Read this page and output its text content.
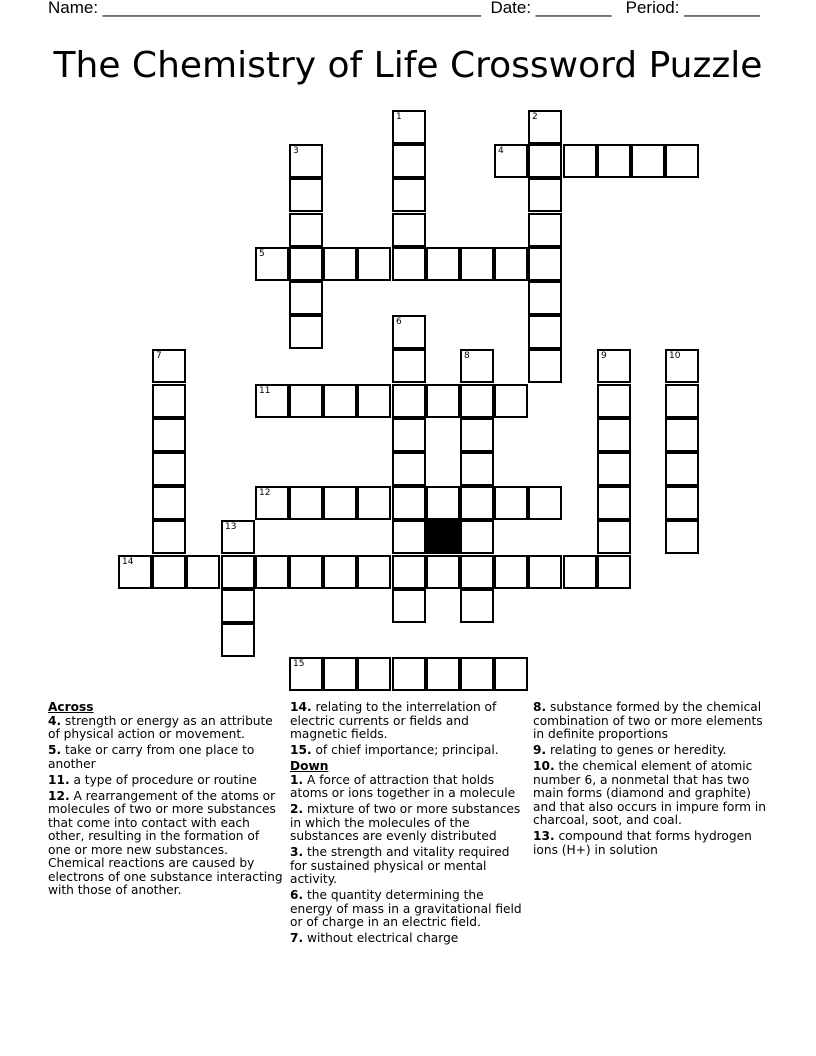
Name: ________________________________________ Date: ________ Period: ________
The Chemistry of Life Crossword Puzzle
1	2
3	4
5
6
7	8	9	10
11
12
13
14
15
Across
4. strength or energy as an attribute of physical action or movement.
5. take or carry from one place to another
11. a type of procedure or routine
12. A rearrangement of the atoms or molecules of two or more substances that come into contact with each other, resulting in the formation of one or more new substances. Chemical reactions are caused by electrons of one substance interacting with those of another.
14. relating to the interrelation of electric currents or fields and magnetic fields.
15. of chief importance; principal.
Down
1. A force of attraction that holds atoms or ions together in a molecule
2. mixture of two or more substances in which the molecules of the substances are evenly distributed
3. the strength and vitality required for sustained physical or mental activity.
6. the quantity determining the energy of mass in a gravitational field or of charge in an electric field.
7. without electrical charge
8. substance formed by the chemical combination of two or more elements in definite proportions
9. relating to genes or heredity.
10. the chemical element of atomic number 6, a nonmetal that has two main forms (diamond and graphite) and that also occurs in impure form in charcoal, soot, and coal.
13. compound that forms hydrogen ions (H+) in solution
